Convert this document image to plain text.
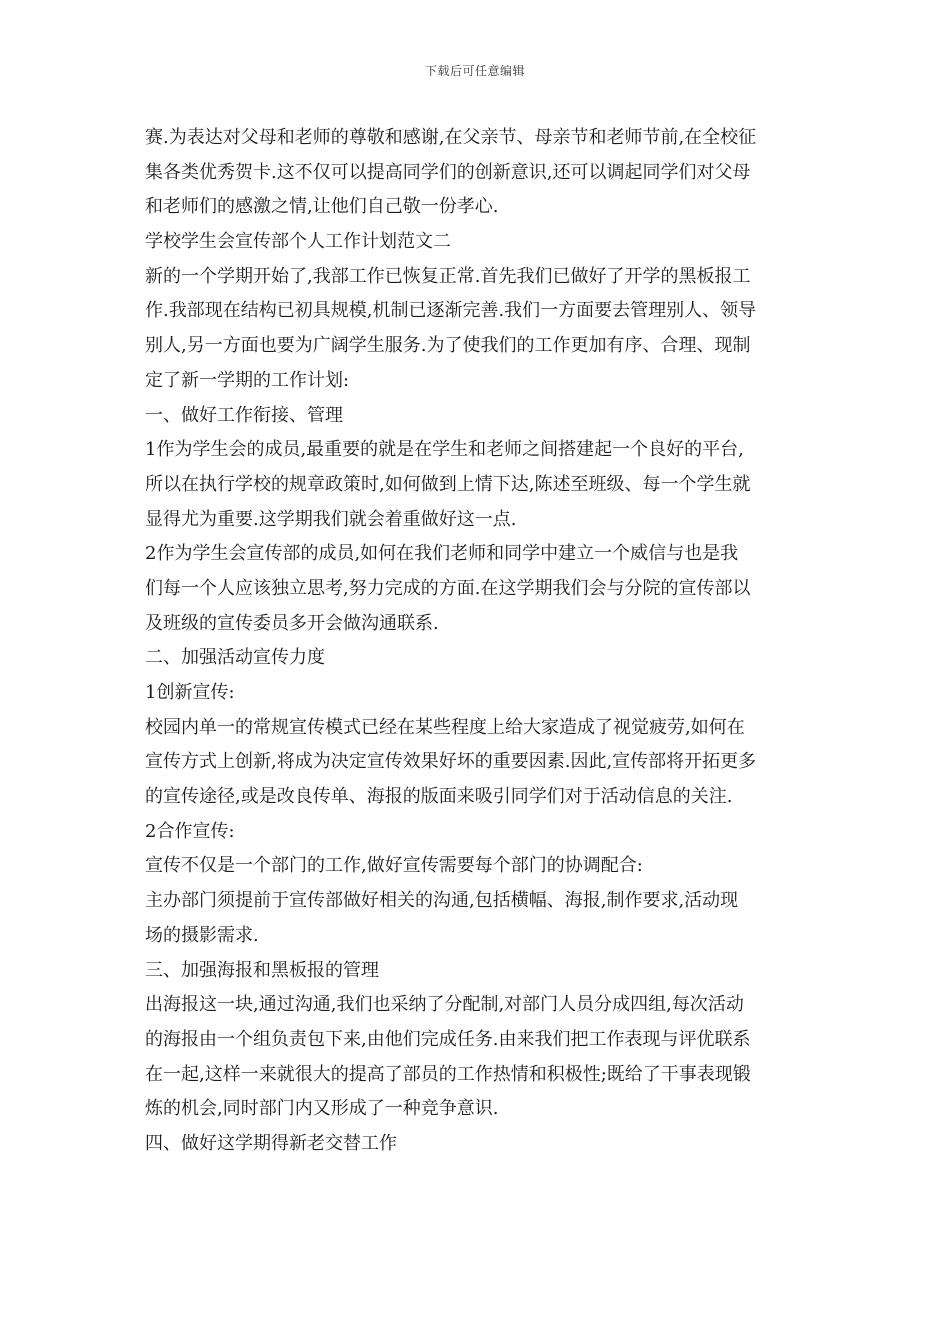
下载后可任意编辑
赛.为表达对父母和老师的尊敬和感谢,在父亲节、母亲节和老师节前,在全校征
集各类优秀贺卡.这不仅可以提高同学们的创新意识,还可以调起同学们对父母
和老师们的感激之情,让他们自己敬一份孝心.
学校学生会宣传部个人工作计划范文二
新的一个学期开始了,我部工作已恢复正常.首先我们已做好了开学的黑板报工
作.我部现在结构已初具规模,机制已逐渐完善.我们一方面要去管理别人、领导
别人,另一方面也要为广阔学生服务.为了使我们的工作更加有序、合理、现制
定了新一学期的工作计划:
一、做好工作衔接、管理
1作为学生会的成员,最重要的就是在学生和老师之间搭建起一个良好的平台,
所以在执行学校的规章政策时,如何做到上情下达,陈述至班级、每一个学生就
显得尤为重要.这学期我们就会着重做好这一点.
2作为学生会宣传部的成员,如何在我们老师和同学中建立一个威信与也是我
们每一个人应该独立思考,努力完成的方面.在这学期我们会与分院的宣传部以
及班级的宣传委员多开会做沟通联系.
二、加强活动宣传力度
1创新宣传:
校园内单一的常规宣传模式已经在某些程度上给大家造成了视觉疲劳,如何在
宣传方式上创新,将成为决定宣传效果好坏的重要因素.因此,宣传部将开拓更多
的宣传途径,或是改良传单、海报的版面来吸引同学们对于活动信息的关注.
2合作宣传:
宣传不仅是一个部门的工作,做好宣传需要每个部门的协调配合:
主办部门须提前于宣传部做好相关的沟通,包括横幅、海报,制作要求,活动现
场的摄影需求.
三、加强海报和黑板报的管理
出海报这一块,通过沟通,我们也采纳了分配制,对部门人员分成四组,每次活动
的海报由一个组负责包下来,由他们完成任务.由来我们把工作表现与评优联系
在一起,这样一来就很大的提高了部员的工作热情和积极性;既给了干事表现锻
炼的机会,同时部门内又形成了一种竞争意识.
四、做好这学期得新老交替工作
